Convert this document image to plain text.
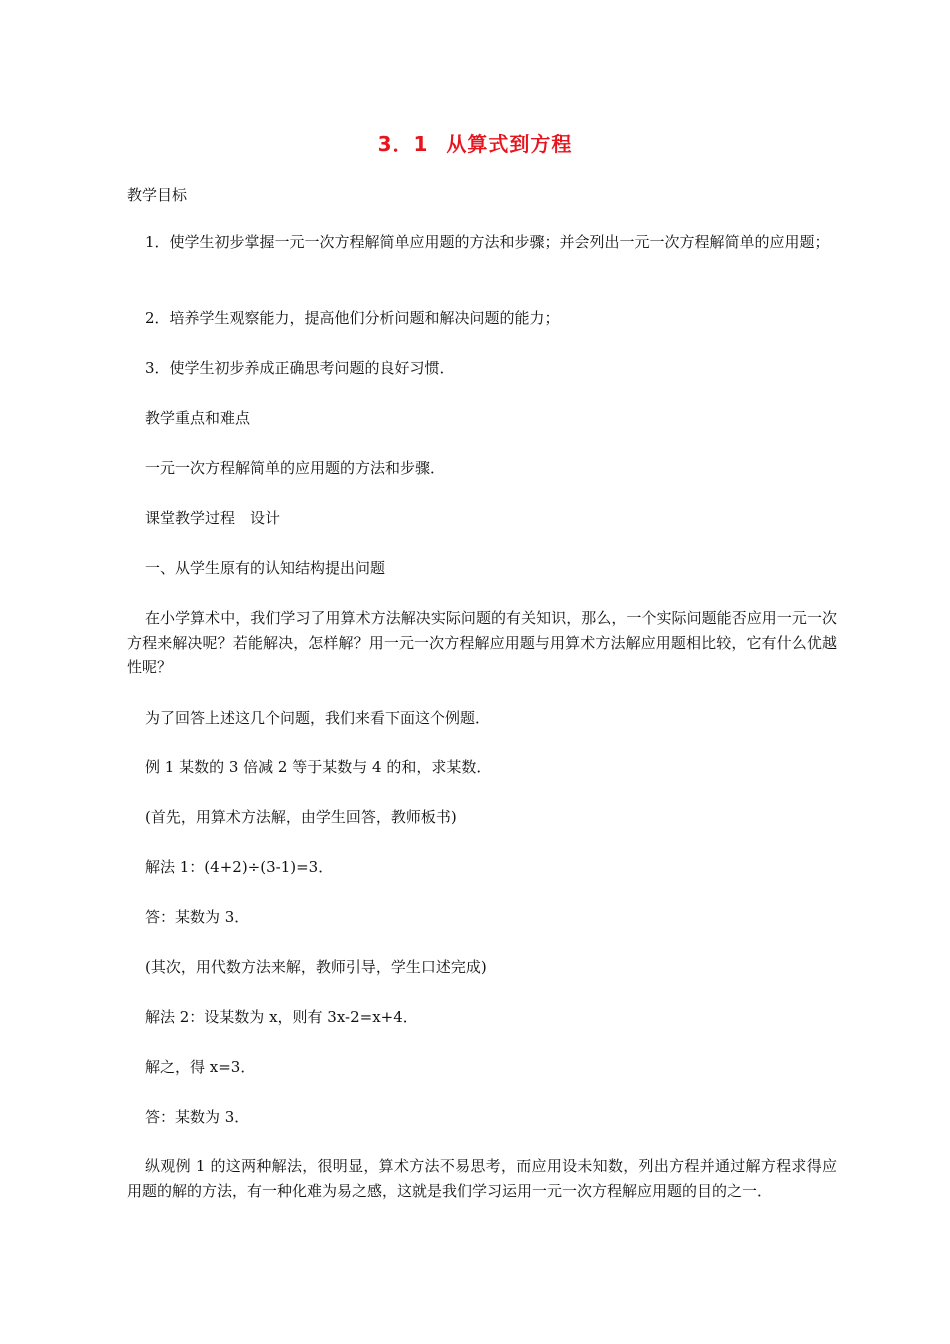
3．1 从算式到方程
教学目标
1．使学生初步掌握一元一次方程解简单应用题的方法和步骤；并会列出一元一次方程解简单的应用题；
2．培养学生观察能力，提高他们分析问题和解决问题的能力；
3．使学生初步养成正确思考问题的良好习惯．
教学重点和难点
一元一次方程解简单的应用题的方法和步骤．
课堂教学过程　设计
一、从学生原有的认知结构提出问题
在小学算术中，我们学习了用算术方法解决实际问题的有关知识，那么，一个实际问题能否应用一元一次方程来解决呢？若能解决，怎样解？用一元一次方程解应用题与用算术方法解应用题相比较，它有什么优越性呢？
为了回答上述这几个问题，我们来看下面这个例题．
例 1 某数的 3 倍减 2 等于某数与 4 的和，求某数．
(首先，用算术方法解，由学生回答，教师板书)
解法 1：(4+2)÷(3-1)=3．
答：某数为 3．
(其次，用代数方法来解，教师引导，学生口述完成)
解法 2：设某数为 x，则有 3x-2=x+4．
解之，得 x=3．
答：某数为 3．
纵观例 1 的这两种解法，很明显，算术方法不易思考，而应用设未知数，列出方程并通过解方程求得应用题的解的方法，有一种化难为易之感，这就是我们学习运用一元一次方程解应用题的目的之一．
